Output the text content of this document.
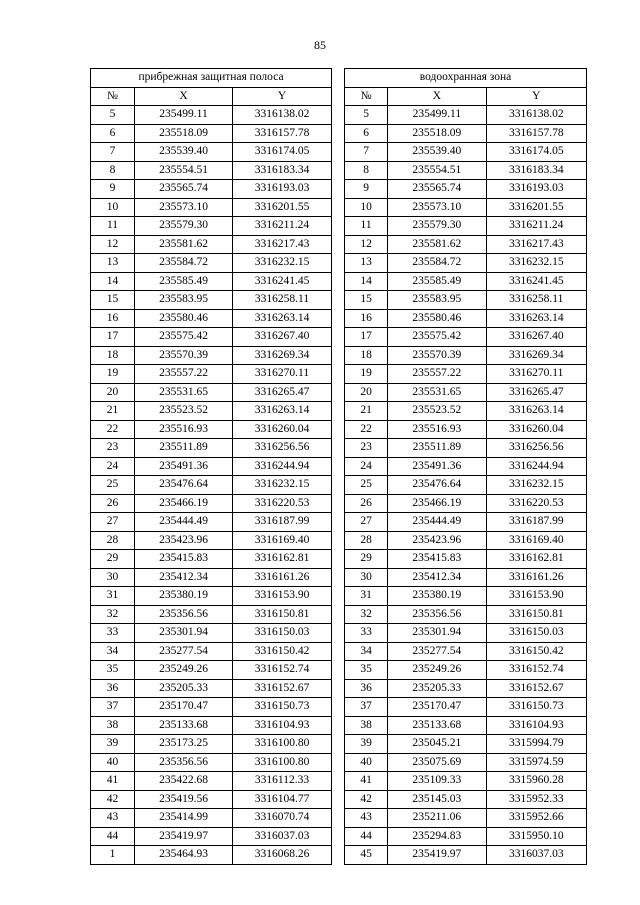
85
прибрежная защитная полоса		
№	X	Y
5	235499.11	3316138.02
6	235518.09	3316157.78
7	235539.40	3316174.05
8	235554.51	3316183.34
9	235565.74	3316193.03
10	235573.10	3316201.55
11	235579.30	3316211.24
12	235581.62	3316217.43
13	235584.72	3316232.15
14	235585.49	3316241.45
15	235583.95	3316258.11
16	235580.46	3316263.14
17	235575.42	3316267.40
18	235570.39	3316269.34
19	235557.22	3316270.11
20	235531.65	3316265.47
21	235523.52	3316263.14
22	235516.93	3316260.04
23	235511.89	3316256.56
24	235491.36	3316244.94
25	235476.64	3316232.15
26	235466.19	3316220.53
27	235444.49	3316187.99
28	235423.96	3316169.40
29	235415.83	3316162.81
30	235412.34	3316161.26
31	235380.19	3316153.90
32	235356.56	3316150.81
33	235301.94	3316150.03
34	235277.54	3316150.42
35	235249.26	3316152.74
36	235205.33	3316152.67
37	235170.47	3316150.73
38	235133.68	3316104.93
39	235173.25	3316100.80
40	235356.56	3316100.80
41	235422.68	3316112.33
42	235419.56	3316104.77
43	235414.99	3316070.74
44	235419.97	3316037.03
1	235464.93	3316068.26
водоохранная зона		
№	X	Y
5	235499.11	3316138.02
6	235518.09	3316157.78
7	235539.40	3316174.05
8	235554.51	3316183.34
9	235565.74	3316193.03
10	235573.10	3316201.55
11	235579.30	3316211.24
12	235581.62	3316217.43
13	235584.72	3316232.15
14	235585.49	3316241.45
15	235583.95	3316258.11
16	235580.46	3316263.14
17	235575.42	3316267.40
18	235570.39	3316269.34
19	235557.22	3316270.11
20	235531.65	3316265.47
21	235523.52	3316263.14
22	235516.93	3316260.04
23	235511.89	3316256.56
24	235491.36	3316244.94
25	235476.64	3316232.15
26	235466.19	3316220.53
27	235444.49	3316187.99
28	235423.96	3316169.40
29	235415.83	3316162.81
30	235412.34	3316161.26
31	235380.19	3316153.90
32	235356.56	3316150.81
33	235301.94	3316150.03
34	235277.54	3316150.42
35	235249.26	3316152.74
36	235205.33	3316152.67
37	235170.47	3316150.73
38	235133.68	3316104.93
39	235045.21	3315994.79
40	235075.69	3315974.59
41	235109.33	3315960.28
42	235145.03	3315952.33
43	235211.06	3315952.66
44	235294.83	3315950.10
45	235419.97	3316037.03
